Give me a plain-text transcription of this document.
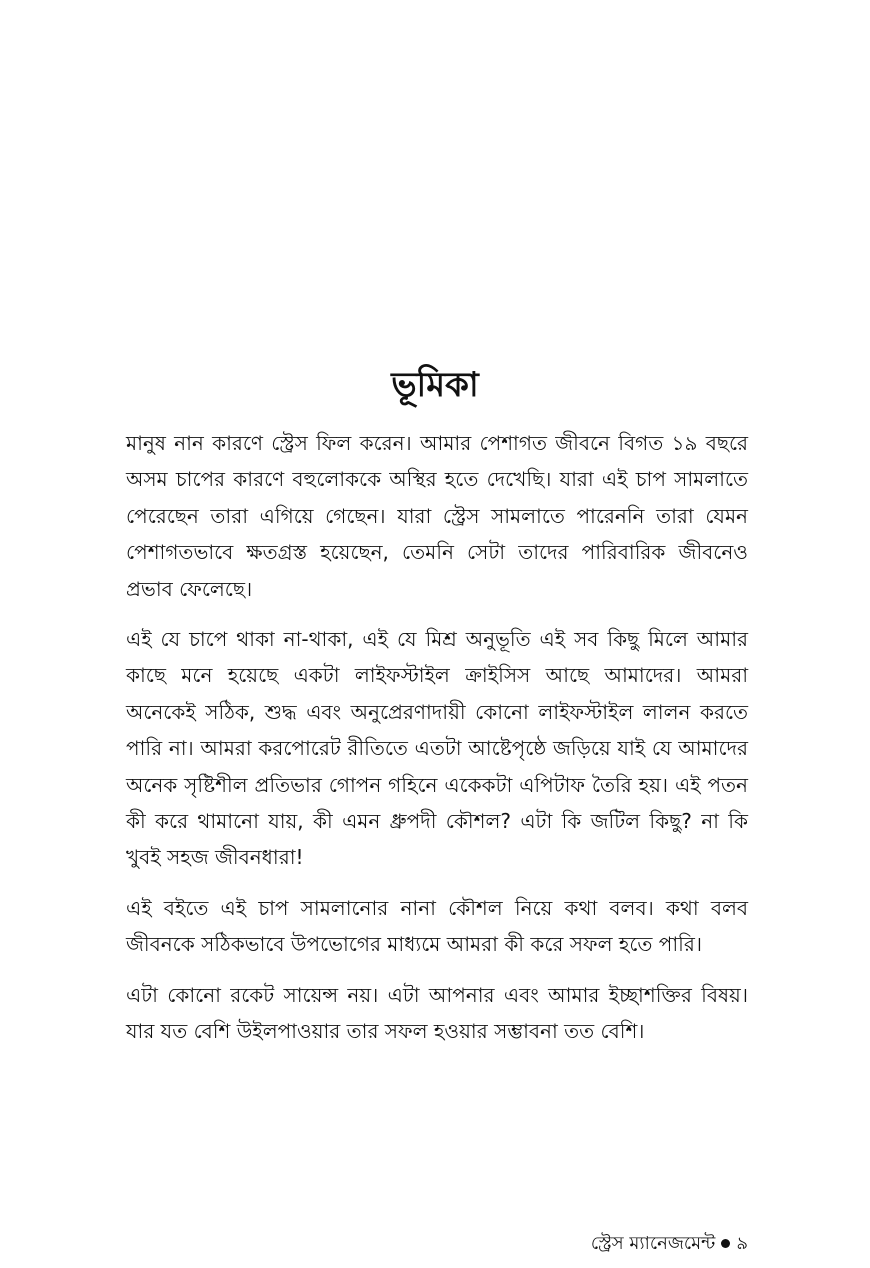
ভূমিকা

মানুষ নান কারণে স্ট্রেস ফিল করেন। আমার পেশাগত জীবনে বিগত ১৯ বছরে অসম চাপের কারণে বহুলোককে অস্থির হতে দেখেছি। যারা এই চাপ সামলাতে পেরেছেন তারা এগিয়ে গেছেন। যারা স্ট্রেস সামলাতে পারেননি তারা যেমন পেশাগতভাবে ক্ষতগ্রস্ত হয়েছেন, তেমনি সেটা তাদের পারিবারিক জীবনেও প্রভাব ফেলেছে।

এই যে চাপে থাকা না-থাকা, এই যে মিশ্র অনুভূতি এই সব কিছু মিলে আমার কাছে মনে হয়েছে একটা লাইফস্টাইল ক্রাইসিস আছে আমাদের। আমরা অনেকেই সঠিক, শুদ্ধ এবং অনুপ্রেরণাদায়ী কোনো লাইফস্টাইল লালন করতে পারি না। আমরা করপোরেট রীতিতে এতটা আষ্টেপৃষ্ঠে জড়িয়ে যাই যে আমাদের অনেক সৃষ্টিশীল প্রতিভার গোপন গহিনে একেকটা এপিটাফ তৈরি হয়। এই পতন কী করে থামানো যায়, কী এমন ধ্রুপদী কৌশল? এটা কি জটিল কিছু? না কি খুবই সহজ জীবনধারা!

এই বইতে এই চাপ সামলানোর নানা কৌশল নিয়ে কথা বলব। কথা বলব জীবনকে সঠিকভাবে উপভোগের মাধ্যমে আমরা কী করে সফল হতে পারি।

এটা কোনো রকেট সায়েন্স নয়। এটা আপনার এবং আমার ইচ্ছাশক্তির বিষয়। যার যত বেশি উইলপাওয়ার তার সফল হওয়ার সম্ভাবনা তত বেশি।

স্ট্রেস ম্যানেজমেন্ট ৯
